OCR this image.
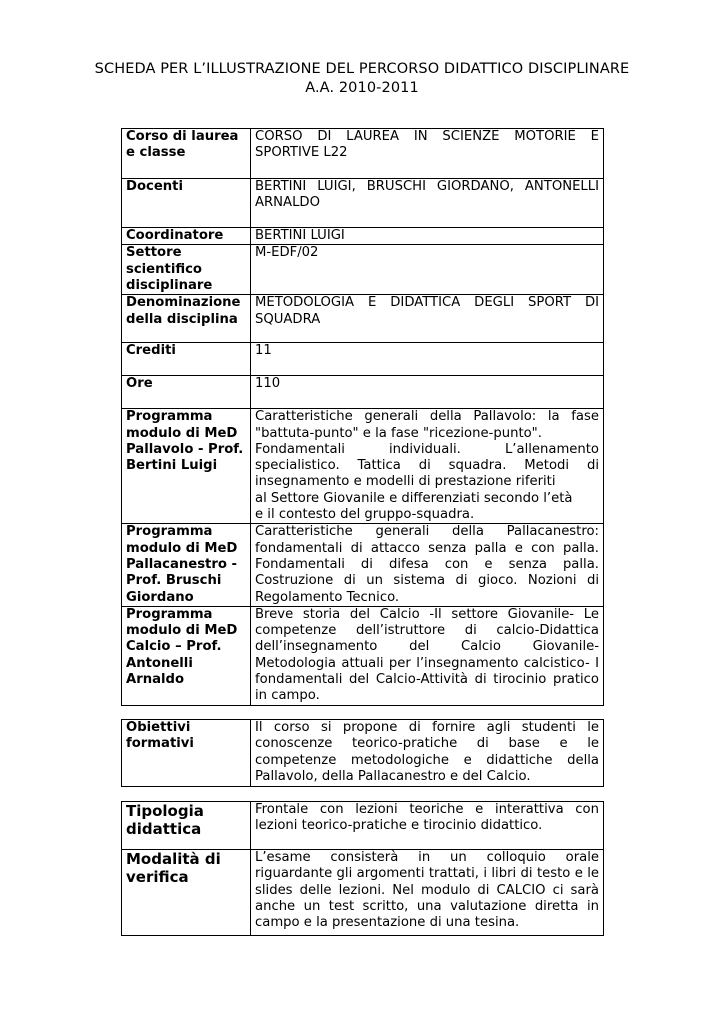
SCHEDA PER L’ILLUSTRAZIONE DEL PERCORSO DIDATTICO DISCIPLINARE
A.A. 2010-2011
Corso di laurea e classe	CORSO DI LAUREA IN SCIENZE MOTORIE E SPORTIVE L22
Docenti	BERTINI LUIGI, BRUSCHI GIORDANO, ANTONELLI ARNALDO
Coordinatore	BERTINI LUIGI
Settore scientifico disciplinare	M-EDF/02
Denominazione della disciplina	METODOLOGIA E DIDATTICA DEGLI SPORT DI SQUADRA
Crediti	11
Ore	110
Programma modulo di MeD Pallavolo - Prof. Bertini Luigi	Caratteristiche generali della Pallavolo: la fase "battuta-punto" e la fase "ricezione-punto".
Fondamentali individuali. L’allenamento specialistico. Tattica di squadra. Metodi di insegnamento e modelli di prestazione riferiti
al Settore Giovanile e differenziati secondo l’età
e il contesto del gruppo-squadra.
Programma modulo di MeD Pallacanestro - Prof. Bruschi Giordano	Caratteristiche generali della Pallacanestro: fondamentali di attacco senza palla e con palla. Fondamentali di difesa con e senza palla. Costruzione di un sistema di gioco. Nozioni di Regolamento Tecnico.
Programma modulo di MeD Calcio – Prof. Antonelli Arnaldo	Breve storia del Calcio -Il settore Giovanile- Le competenze dell’istruttore di calcio-Didattica dell’insegnamento del Calcio Giovanile- Metodologia attuali per l’insegnamento calcistico- I fondamentali del Calcio-Attività di tirocinio pratico in campo.
Obiettivi formativi	Il corso si propone di fornire agli studenti le conoscenze teorico-pratiche di base e le competenze metodologiche e didattiche della Pallavolo, della Pallacanestro e del Calcio.
Tipologia didattica	Frontale con lezioni teoriche e interattiva con lezioni teorico-pratiche e tirocinio didattico.
Modalità di verifica	L’esame consisterà in un colloquio orale riguardante gli argomenti trattati, i libri di testo e le slides delle lezioni. Nel modulo di CALCIO ci sarà anche un test scritto, una valutazione diretta in campo e la presentazione di una tesina.
